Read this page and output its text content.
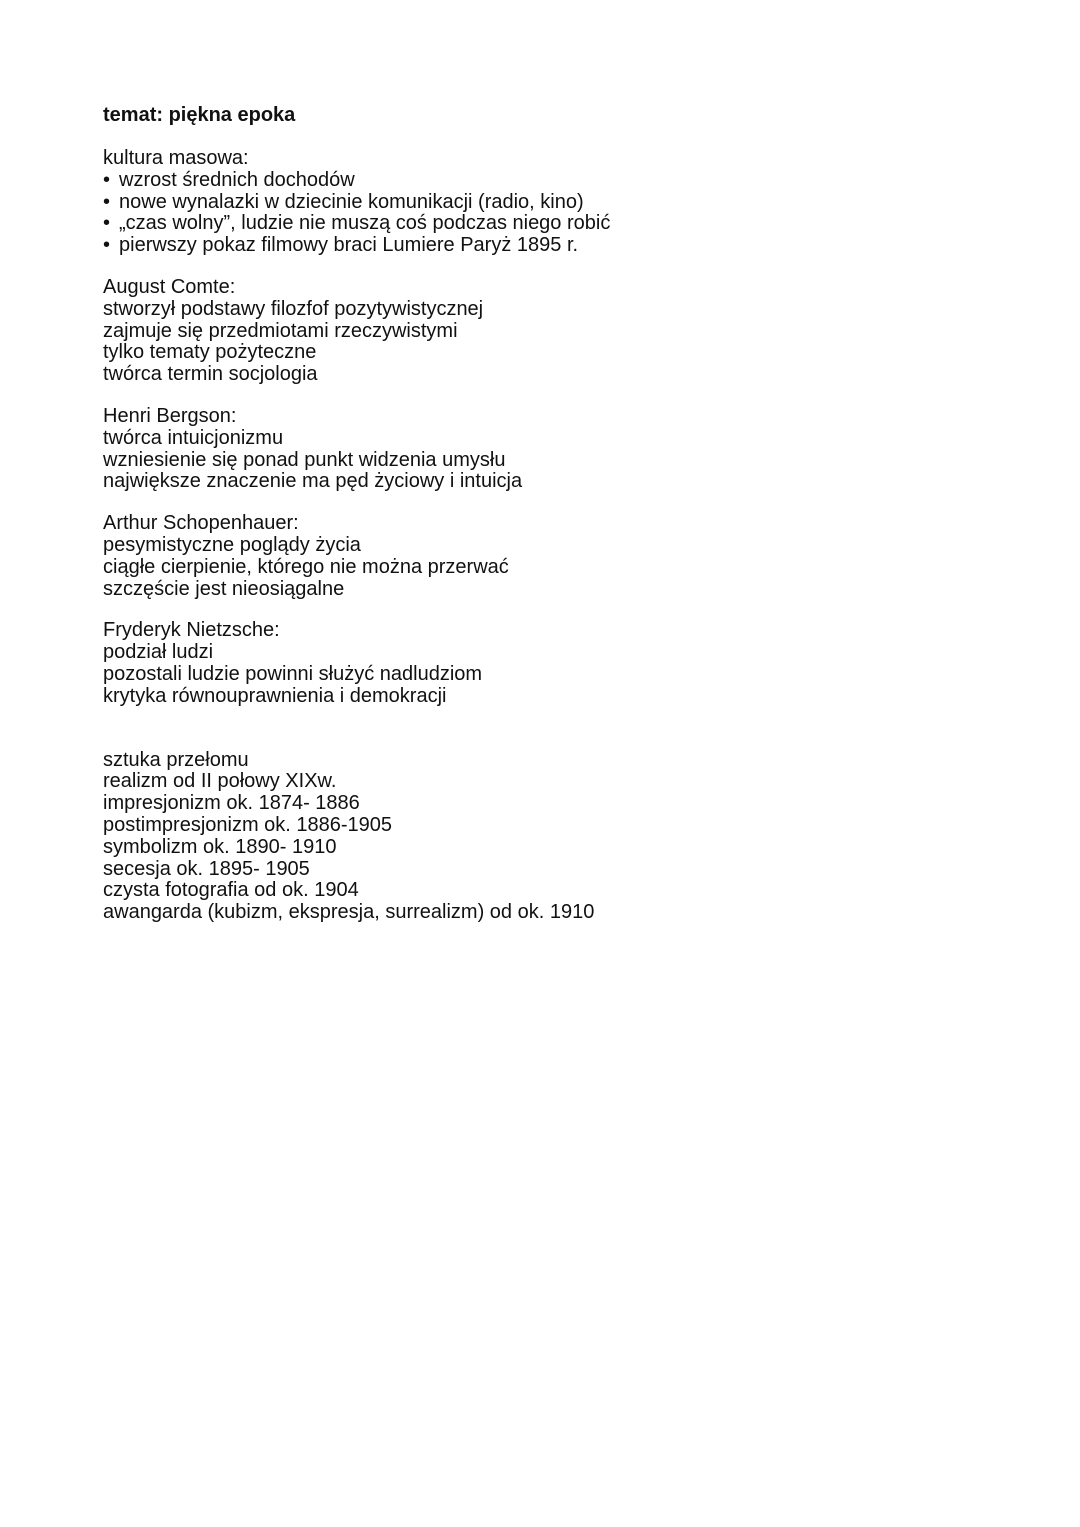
temat: piękna epoka
kultura masowa:
• wzrost średnich dochodów
• nowe wynalazki w dziecinie komunikacji (radio, kino)
• „czas wolny”, ludzie nie muszą coś podczas niego robić
• pierwszy pokaz filmowy braci Lumiere Paryż 1895 r.
August Comte:
stworzył podstawy filozfof pozytywistycznej
zajmuje się przedmiotami rzeczywistymi
tylko tematy pożyteczne
twórca termin socjologia
Henri Bergson:
twórca intuicjonizmu
wzniesienie się ponad punkt widzenia umysłu
największe znaczenie ma pęd życiowy i intuicja
Arthur Schopenhauer:
pesymistyczne poglądy życia
ciągłe cierpienie, którego nie można przerwać
szczęście jest nieosiągalne
Fryderyk Nietzsche:
podział ludzi
pozostali ludzie powinni służyć nadludziom
krytyka równouprawnienia i demokracji
sztuka przełomu
realizm od II połowy XIXw.
impresjonizm ok. 1874- 1886
postimpresjonizm ok. 1886-1905
symbolizm ok. 1890- 1910
secesja ok. 1895- 1905
czysta fotografia od ok. 1904
awangarda (kubizm, ekspresja, surrealizm) od ok. 1910
